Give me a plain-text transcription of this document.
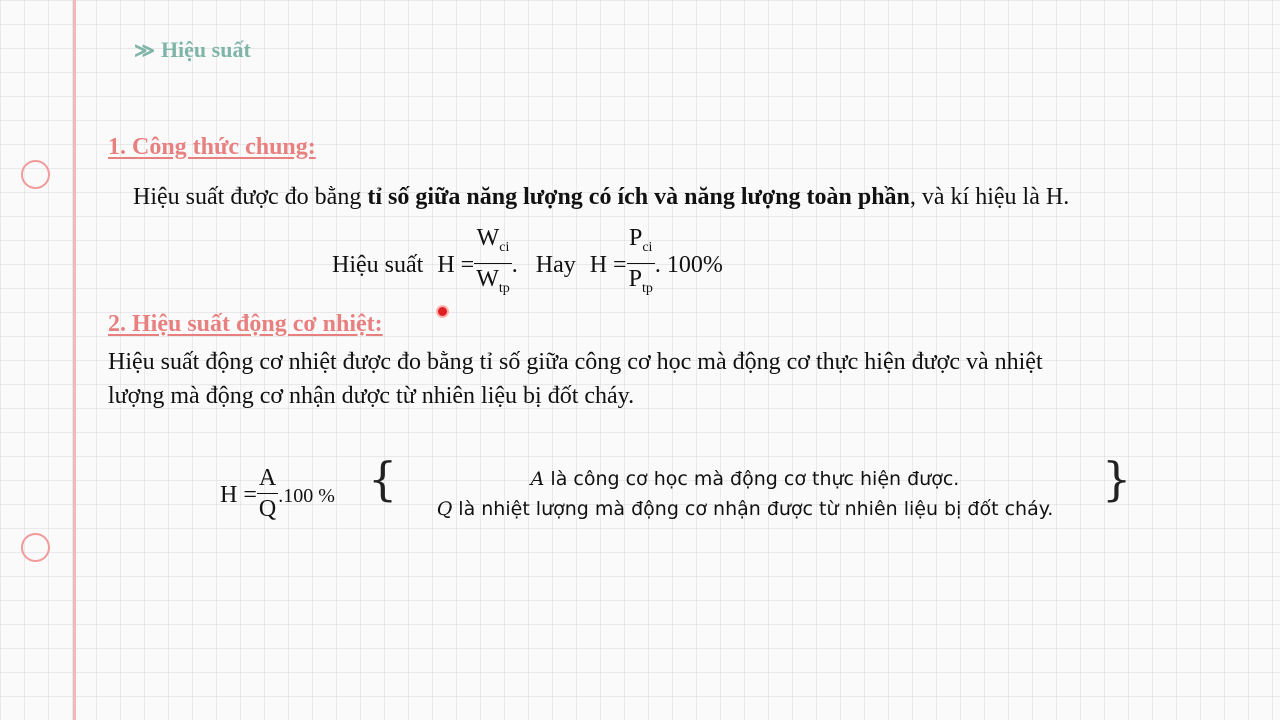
≫ Hiệu suất
1. Công thức chung:
Hiệu suất được đo bằng tỉ số giữa năng lượng có ích và năng lượng toàn phần, và kí hiệu là H.
Hiệu suất $H = \frac{W_{ci}}{W_{tp}}$ . Hay $H = \frac{P_{ci}}{P_{tp}}$ . 100%
2. Hiệu suất động cơ nhiệt:
Hiệu suất động cơ nhiệt được đo bằng tỉ số giữa công cơ học mà động cơ thực hiện được và nhiệt
lượng mà động cơ nhận dược từ nhiên liệu bị đốt cháy.
$H = \frac{A}{Q} .100$ % {	A là công cơ học mà động cơ thực hiện được.
Q là nhiệt lượng mà động cơ nhận được từ nhiên liệu bị đốt cháy.
}
